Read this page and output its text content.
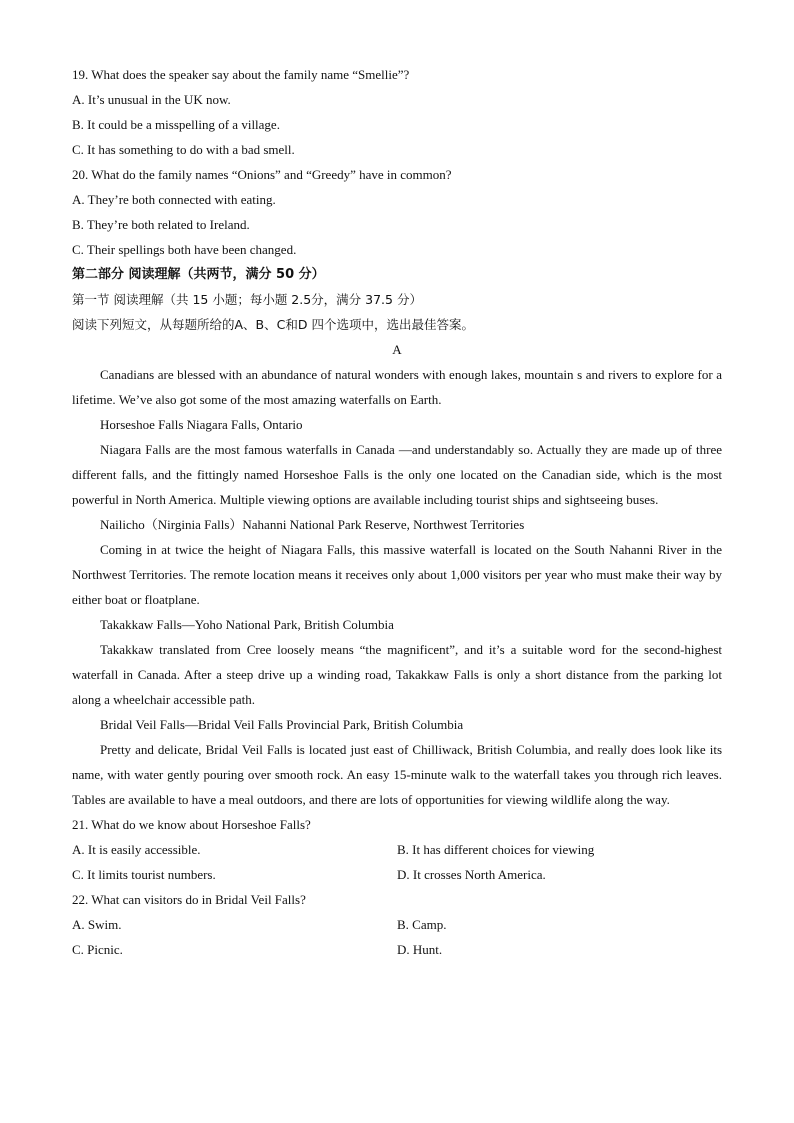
19. What does the speaker say about the family name “Smellie”?
A. It’s unusual in the UK now.
B. It could be a misspelling of a village.
C. It has something to do with a bad smell.
20. What do the family names “Onions” and “Greedy” have in common?
A. They’re both connected with eating.
B. They’re both related to Ireland.
C. Their spellings both have been changed.
第二部分 阅读理解（共两节，满分 50 分）
第一节 阅读理解（共 15 小题；每小题 2.5分，满分 37.5 分）
阅读下列短文，从每题所给的A、B、C和D 四个选项中，选出最佳答案。
A
Canadians are blessed with an abundance of natural wonders with enough lakes, mountain s and rivers to explore for a lifetime. We’ve also got some of the most amazing waterfalls on Earth.
Horseshoe Falls Niagara Falls, Ontario
Niagara Falls are the most famous waterfalls in Canada —and understandably so. Actually they are made up of three different falls, and the fittingly named Horseshoe Falls is the only one located on the Canadian side, which is the most powerful in North America. Multiple viewing options are available including tourist ships and sightseeing buses.
Nailicho（Nirginia Falls）Nahanni National Park Reserve, Northwest Territories
Coming in at twice the height of Niagara Falls, this massive waterfall is located on the South Nahanni River in the Northwest Territories. The remote location means it receives only about 1,000 visitors per year who must make their way by either boat or floatplane.
Takakkaw Falls—Yoho National Park, British Columbia
Takakkaw translated from Cree loosely means “the magnificent”, and it’s a suitable word for the second-highest waterfall in Canada. After a steep drive up a winding road, Takakkaw Falls is only a short distance from the parking lot along a wheelchair accessible path.
Bridal Veil Falls—Bridal Veil Falls Provincial Park, British Columbia
Pretty and delicate, Bridal Veil Falls is located just east of Chilliwack, British Columbia, and really does look like its name, with water gently pouring over smooth rock. An easy 15-minute walk to the waterfall takes you through rich leaves. Tables are available to have a meal outdoors, and there are lots of opportunities for viewing wildlife along the way.
21. What do we know about Horseshoe Falls?
A. It is easily accessible.	B. It has different choices for viewing
C. It limits tourist numbers.	D. It crosses North America.
22. What can visitors do in Bridal Veil Falls?
A. Swim.	B. Camp.
C. Picnic.	D. Hunt.
